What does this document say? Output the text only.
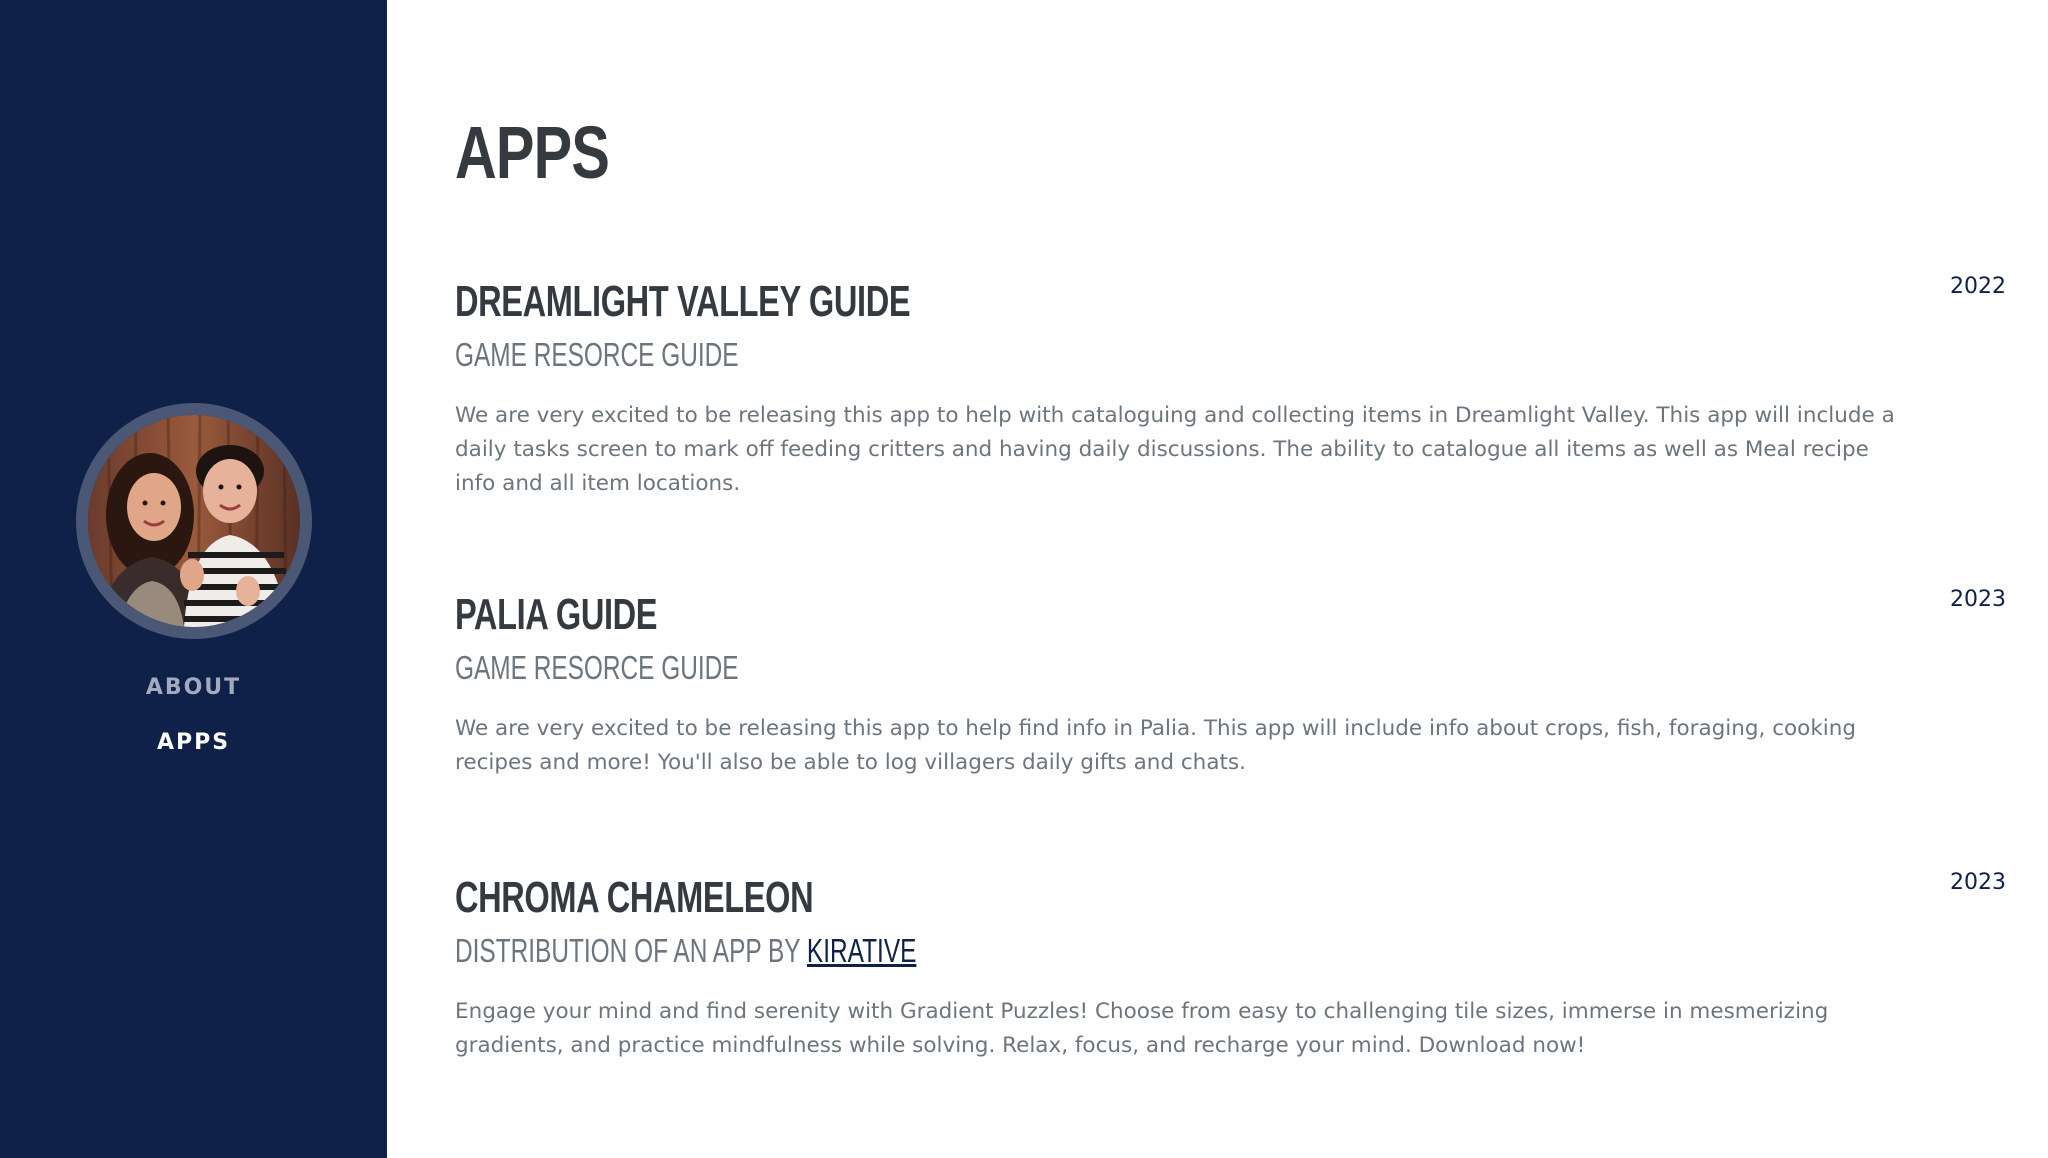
ABOUT
APPS
APPS
DREAMLIGHT VALLEY GUIDE
GAME RESORCE GUIDE
We are very excited to be releasing this app to help with cataloguing and collecting items in Dreamlight Valley. This app will include a daily tasks screen to mark off feeding critters and having daily discussions. The ability to catalogue all items as well as Meal recipe info and all item locations.
2022
PALIA GUIDE
GAME RESORCE GUIDE
We are very excited to be releasing this app to help find info in Palia. This app will include info about crops, fish, foraging, cooking recipes and more! You'll also be able to log villagers daily gifts and chats.
2023
CHROMA CHAMELEON
DISTRIBUTION OF AN APP BY KIRATIVE
Engage your mind and find serenity with Gradient Puzzles! Choose from easy to challenging tile sizes, immerse in mesmerizing gradients, and practice mindfulness while solving. Relax, focus, and recharge your mind. Download now!
2023
